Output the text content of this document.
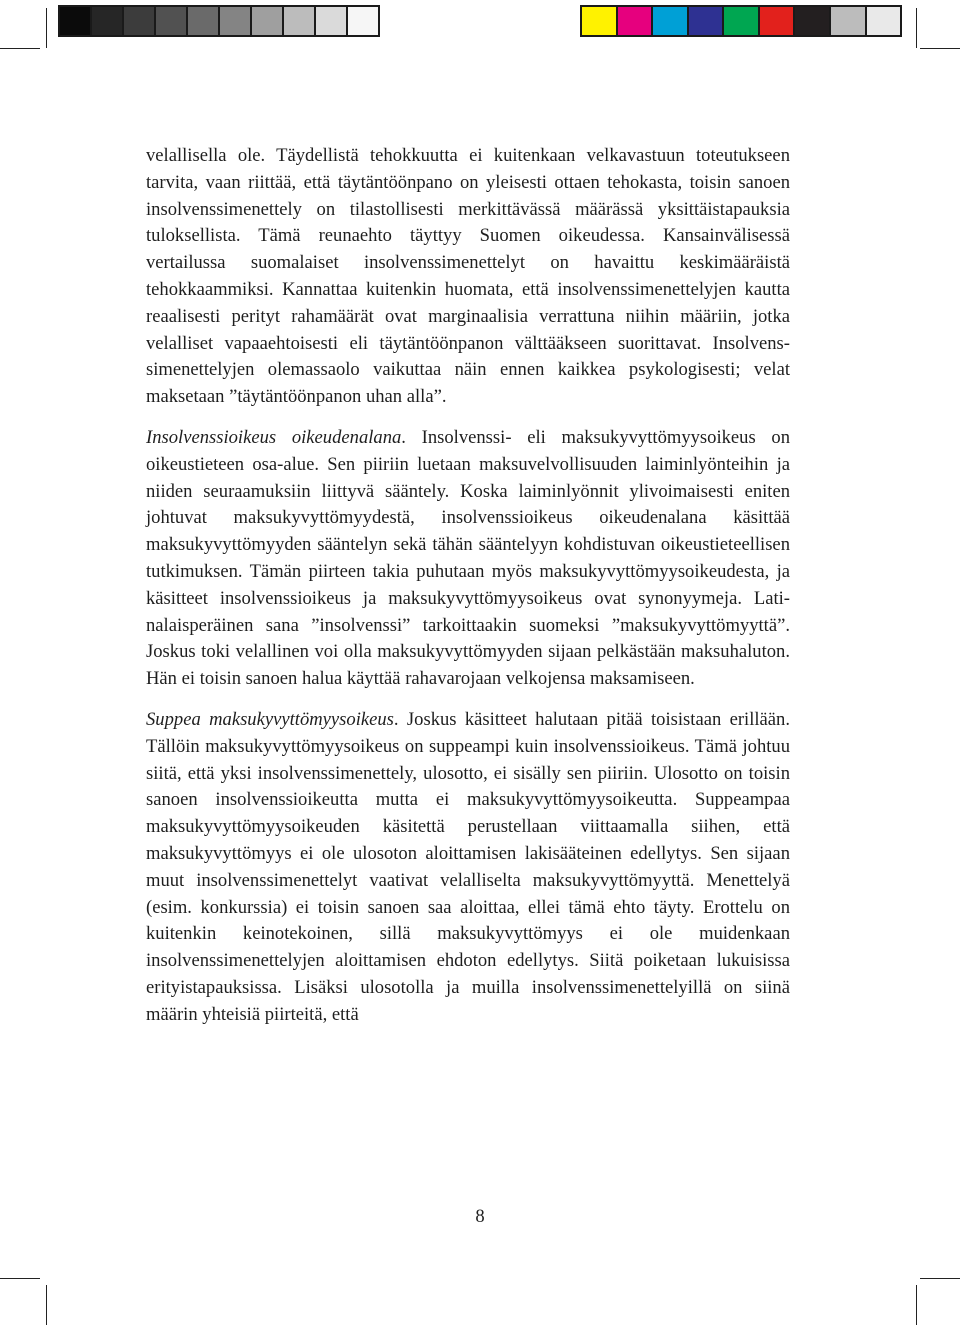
velallisella ole. Täydellistä tehokkuutta ei kuitenkaan velkavastuun toteutukseen tarvita, vaan riittää, että täytäntöönpano on yleisesti ottaen tehokasta, toisin sanoen insolvenssimenettely on tilastollisesti merkittävässä määrässä yksittäistapauksia tuloksellista. Tämä reunaehto täyttyy Suomen oikeudessa. Kansainvälisessä vertailussa suomalaiset insolvenssimenettelyt on havaittu keskimääräistä tehokkaammiksi. Kannattaa kuitenkin huomata, että insolvenssimenettelyjen kautta reaalisesti perityt rahamäärät ovat marginaalisia verrattuna niihin määriin, jotka velalliset vapaaehtoisesti eli täytäntöönpanon välttääkseen suorittavat. Insolvenssimenettelyjen olemassaolo vaikuttaa näin ennen kaikkea psykologisesti; velat maksetaan ”täytäntöönpanon uhan alla”.

Insolvenssioikeus oikeudenalana. Insolvenssi- eli maksukyvyttömyysoikeus on oikeustieteen osa-alue. Sen piiriin luetaan maksuvelvollisuuden laiminlyönteihin ja niiden seuraamuksiin liittyvä sääntely. Koska laiminlyönnit ylivoimaisesti eniten johtuvat maksukyvyttömyydestä, insolvenssioikeus oikeudenalana käsittää maksukyvyttömyyden sääntelyn sekä tähän sääntelyyn kohdistuvan oikeustieteellisen tutkimuksen. Tämän piirteen takia puhutaan myös maksukyvyttömyysoikeudesta, ja käsitteet insolvenssioikeus ja maksukyvyttömyysoikeus ovat synonyymeja. Latinalaisperäinen sana ”insolvenssi” tarkoittaakin suomeksi ”maksukyvyttömyyttä”. Joskus toki velallinen voi olla maksukyvyttömyyden sijaan pelkästään maksuhaluton. Hän ei toisin sanoen halua käyttää rahavarojaan velkojensa maksamiseen.

Suppea maksukyvyttömyysoikeus. Joskus käsitteet halutaan pitää toisistaan erillään. Tällöin maksukyvyttömyysoikeus on suppeampi kuin insolvenssioikeus. Tämä johtuu siitä, että yksi insolvenssimenettely, ulosotto, ei sisälly sen piiriin. Ulosotto on toisin sanoen insolvenssioikeutta mutta ei maksukyvyttömyysoikeutta. Suppeampaa maksukyvyttömyysoikeuden käsitettä perustellaan viittaamalla siihen, että maksukyvyttömyys ei ole ulosoton aloittamisen lakisääteinen edellytys. Sen sijaan muut insolvenssimenettelyt vaativat velalliselta maksukyvyttömyyttä. Menettelyä (esim. konkurssia) ei toisin sanoen saa aloittaa, ellei tämä ehto täyty. Erottelu on kuitenkin keinotekoinen, sillä maksukyvyttömyys ei ole muidenkaan insolvenssimenettelyjen aloittamisen ehdoton edellytys. Siitä poiketaan lukuisissa erityistapauksissa. Lisäksi ulosotolla ja muilla insolvenssimenettelyillä on siinä määrin yhteisiä piirteitä, että

8
